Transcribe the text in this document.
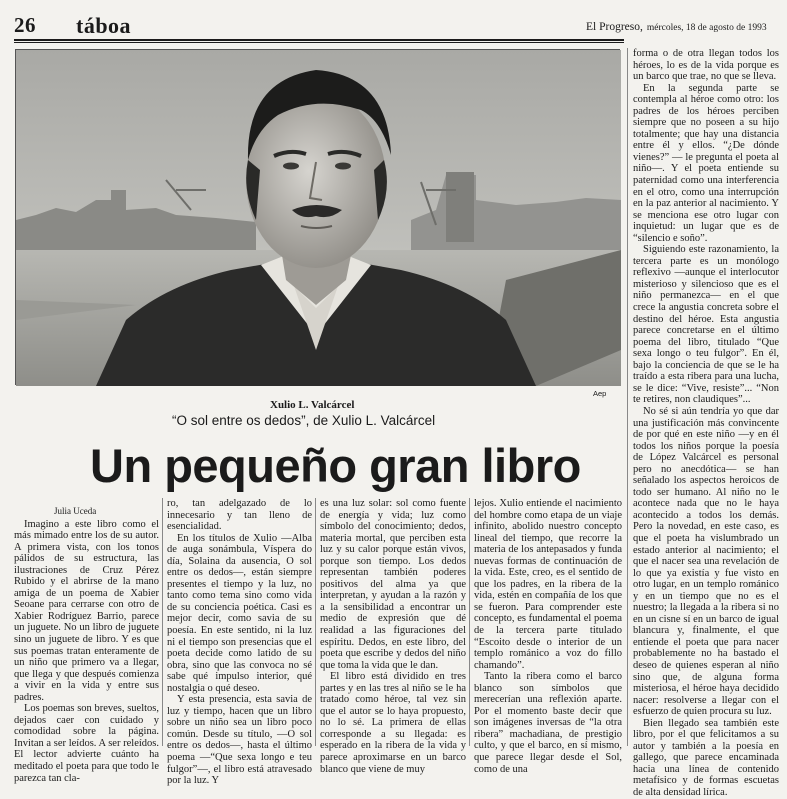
26 táboa	El Progreso, mércoles, 18 de agosto de 1993
Aep
Xulio L. Valcárcel
“O sol entre os dedos”, de Xulio L. Valcárcel
Un pequeño gran libro

Julia Uceda

Imagino a este libro como el más mimado entre los de su autor. A primera vista, con los tonos pálidos de su estructura, las ilustraciones de Cruz Pérez Rubido y el abrirse de la mano amiga de un poema de Xabier Seoane para cerrarse con otro de Xabier Rodríguez Barrio, parece un juguete. No un libro de juguete sino un juguete de libro. Y es que sus poemas tratan enteramente de un niño que primero va a llegar, que llega y que después comienza a vivir en la vida y entre sus padres.

Los poemas son breves, sueltos, dejados caer con cuidado y comodidad sobre la página. Invitan a ser leídos. A ser releídos. El lector advierte cuánto ha meditado el poeta para que todo le parezca tan cla-

ro, tan adelgazado de lo innecesario y tan lleno de esencialidad.

En los títulos de Xulio —Alba de auga sonámbula, Víspera do día, Solaina da ausencia, O sol entre os dedos—, están siempre presentes el tiempo y la luz, no tanto como tema sino como vida de su conciencia poética. Casi es mejor decir, como savia de su poesía. En este sentido, ni la luz ni el tiempo son presencias que el poeta decide como latido de su obra, sino que las convoca no sé sabe qué impulso interior, qué nostalgia o qué deseo.

Y esta presencia, esta savia de luz y tiempo, hacen que un libro sobre un niño sea un libro poco común. Desde su título, —O sol entre os dedos—, hasta el último poema —“Que sexa longo e teu fulgor”—, el libro está atravesado por la luz. Y

es una luz solar: sol como fuente de energía y vida; luz como símbolo del conocimiento; dedos, materia mortal, que perciben esta luz y su calor porque están vivos, porque son tiempo. Los dedos representan también poderes positivos del alma ya que interpretan, y ayudan a la razón y a la sensibilidad a encontrar un medio de expresión que dé realidad a las figuraciones del espíritu. Dedos, en este libro, del poeta que escribe y dedos del niño que toma la vida que le dan.

El libro está dividido en tres partes y en las tres al niño se le ha tratado como héroe, tal vez sin que el autor se lo haya propuesto, no lo sé. La primera de ellas corresponde a su llegada: es esperado en la ribera de la vida y parece aproximarse en un barco blanco que viene de muy

lejos. Xulio entiende el nacimiento del hombre como etapa de un viaje infinito, abolido nuestro concepto lineal del tiempo, que recorre la materia de los antepasados y funda nuevas formas de continuación de la vida. Este, creo, es el sentido de que los padres, en la ribera de la vida, estén en compañía de los que se fueron. Para comprender este concepto, es fundamental el poema de la tercera parte titulado “Escoito desde o interior de un templo románico a voz do fillo chamando”.

Tanto la ribera como el barco blanco son símbolos que merecerían una reflexión aparte. Por el momento baste decir que son imágenes inversas de “la otra ribera” machadiana, de prestigio culto, y que el barco, en sí mismo, que parece llegar desde el Sol, como de una

forma o de otra llegan todos los héroes, lo es de la vida porque es un barco que trae, no que se lleva.

En la segunda parte se contempla al héroe como otro: los padres de los héroes perciben siempre que no poseen a su hijo totalmente; que hay una distancia entre él y ellos. “¿De dónde vienes?” — le pregunta el poeta al niño—. Y el poeta entiende su paternidad como una interferencia en el otro, como una interrupción en la paz anterior al nacimiento. Y se menciona ese otro lugar con inquietud: un lugar que es de “silencio e soño”.

Siguiendo este razonamiento, la tercera parte es un monólogo reflexivo —aunque el interlocutor misterioso y silencioso que es el niño permanezca— en el que crece la angustia concreta sobre el destino del héroe. Esta angustia parece concretarse en el último poema del libro, titulado “Que sexa longo o teu fulgor”. En él, bajo la conciencia de que se le ha traído a esta ribera para una lucha, se le dice: “Vive, resiste”... “Non te retires, non claudiques”...

No sé si aún tendría yo que dar una justificación más convincente de por qué en este niño —y en él todos los niños porque la poesía de López Valcárcel es personal pero no anecdótica— se han señalado los aspectos heroicos de todo ser humano. Al niño no le acontece nada que no le haya acontecido a todos los demás. Pero la novedad, en este caso, es que el poeta ha vislumbrado un estado anterior al nacimiento; el que el nacer sea una revelación de lo que ya existía y fue visto en otro lugar, en un templo románico y en un tiempo que no es el nuestro; la llegada a la ribera si no en un cisne sí en un barco de igual blancura y, finalmente, el que entiende el poeta que para nacer probablemente no ha bastado el deseo de quienes esperan al niño sino que, de alguna forma misteriosa, el héroe haya decidido nacer: resolverse a llegar con el esfuerzo de quien procura su luz.

Bien llegado sea también este libro, por el que felicitamos a su autor y también a la poesía en gallego, que parece encaminada hacia una línea de contenido metafísico y de formas escuetas de alta densidad lírica.
